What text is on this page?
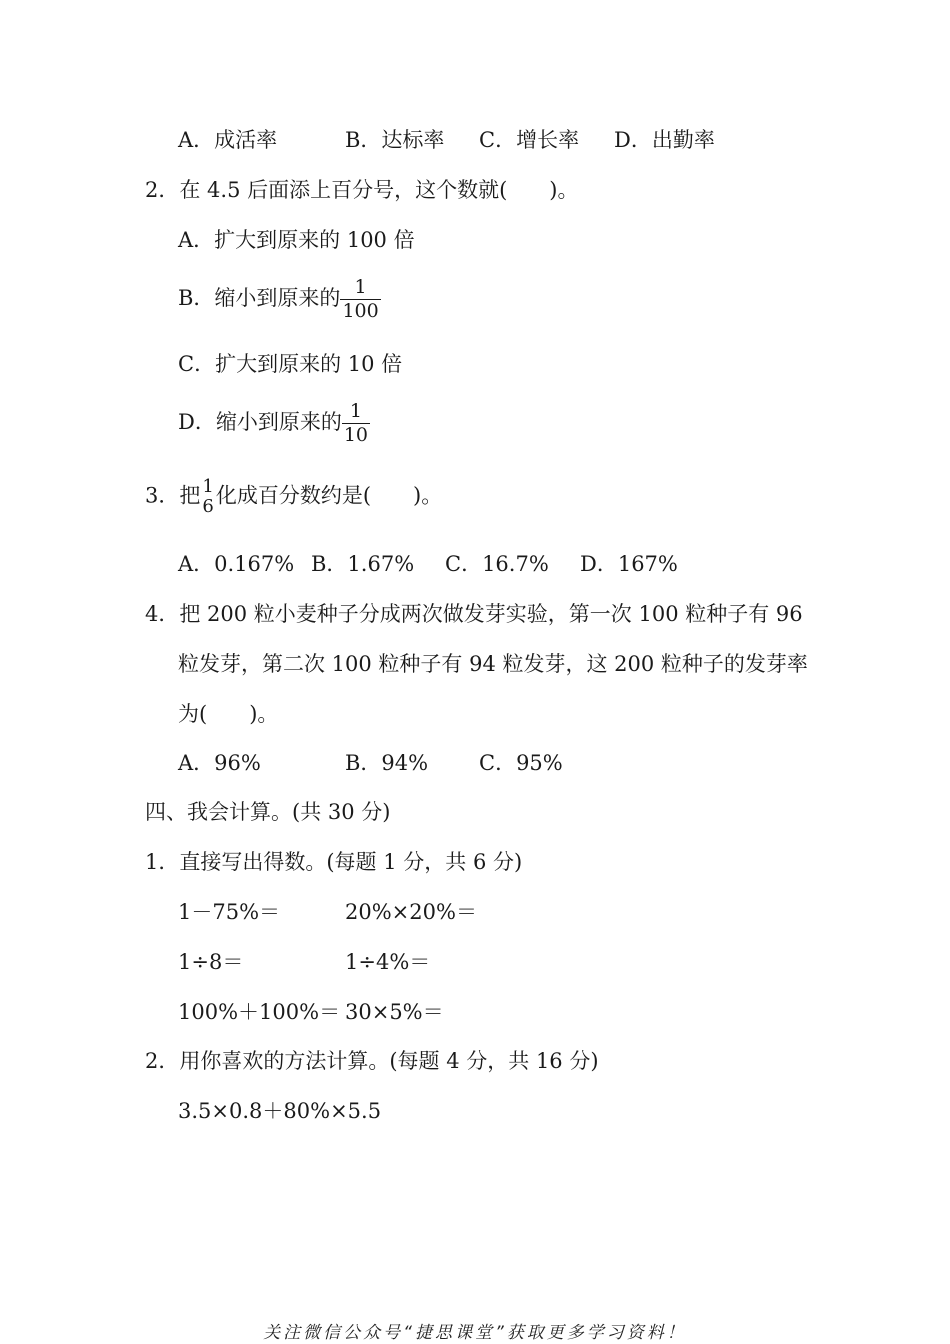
A．成活率	B．达标率 C．增长率 D．出勤率
2．在 4.5 后面添上百分号，这个数就(　　)。
A．扩大到原来的 100 倍
B．缩小到原来的 $\frac{1}{100}$
C．扩大到原来的 10 倍
D．缩小到原来的 $\frac{1}{10}$
3．把 1
6 化成百分数约是(　　)。
A．0.167% B．1.67% C．16.7% D．167%
4．把 200 粒小麦种子分成两次做发芽实验，第一次 100 粒种子有 96
粒发芽，第二次 100 粒种子有 94 粒发芽，这 200 粒种子的发芽率
为(　　)。
A．96%	B．94% C．95%
四、我会计算。(共 30 分)
1．直接写出得数。(每题 1 分，共 6 分)
1－75%＝	20%×20%＝
1÷8＝	1÷4%＝
100%＋100%＝ 30×5%＝
2．用你喜欢的方法计算。(每题 4 分，共 16 分)
3.5×0.8＋80%×5.5
关注微信公众号“捷思课堂”获取更多学习资料！
